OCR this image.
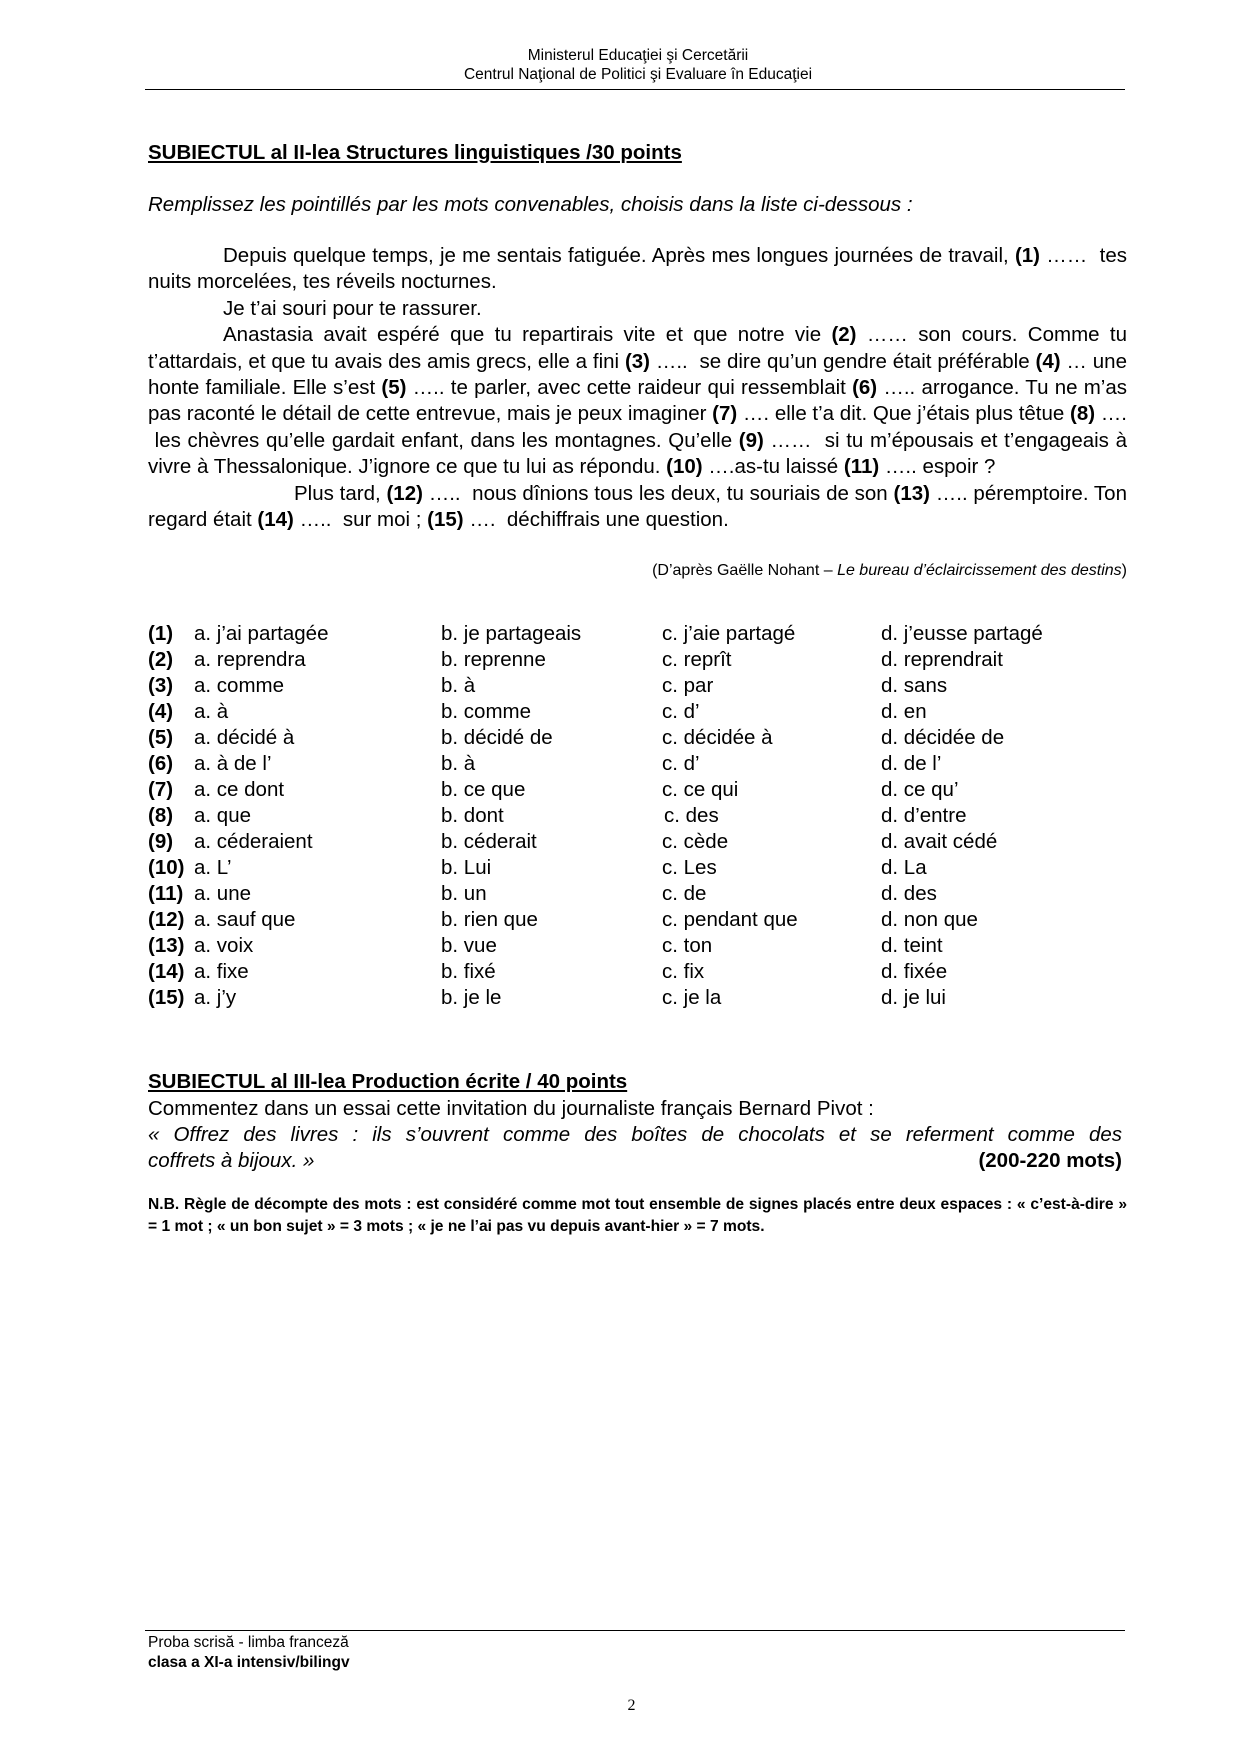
Ministerul Educaţiei şi Cercetării
Centrul Naţional de Politici şi Evaluare în Educaţiei
SUBIECTUL al II-lea Structures linguistiques /30 points
Remplissez les pointillés par les mots convenables, choisis dans la liste ci-dessous :

Depuis quelque temps, je me sentais fatiguée. Après mes longues journées de travail, (1) ……  tes nuits morcelées, tes réveils nocturnes.

Je t’ai souri pour te rassurer.

Anastasia avait espéré que tu repartirais vite et que notre vie (2) …… son cours. Comme tu t’attardais, et que tu avais des amis grecs, elle a fini (3) …..  se dire qu’un gendre était préférable (4) … une honte familiale. Elle s’est (5) ….. te parler, avec cette raideur qui ressemblait (6) ….. arrogance. Tu ne m’as pas raconté le détail de cette entrevue, mais je peux imaginer (7) …. elle t’a dit. Que j’étais plus têtue (8) ….  les chèvres qu’elle gardait enfant, dans les montagnes. Qu’elle (9) ……  si tu m’épousais et t’engageais à vivre à Thessalonique. J’ignore ce que tu lui as répondu. (10) ….as-tu laissé (11) ….. espoir ?

Plus tard, (12) …..  nous dînions tous les deux, tu souriais de son (13) ….. péremptoire. Ton regard était (14) …..  sur moi ; (15) ….  déchiffrais une question.

(D’après Gaëlle Nohant – Le bureau d’éclaircissement des destins)
(1) a. j’ai partagée	b. je partageais	c. j’aie partagé	d. j’eusse partagé
(2) a. reprendra	b. reprenne	c. reprît	d. reprendrait
(3) a. comme	b. à	c. par	d. sans
(4) a. à	b. comme	c. d’	d. en
(5) a. décidé à	b. décidé de	c. décidée à	d. décidée de
(6) a. à de l’	b. à	c. d’	d. de l’
(7) a. ce dont	b. ce que	c. ce qui	d. ce qu’
(8) a. que	b. dont	c. des	d. d’entre
(9) a. céderaient	b. céderait	c. cède	d. avait cédé
(10) a. L’	b. Lui	c. Les	d. La
(11) a. une	b. un	c. de	d. des
(12) a. sauf que	b. rien que	c. pendant que	d. non que
(13) a. voix	b. vue	c. ton	d. teint
(14) a. fixe	b. fixé	c. fix	d. fixée
(15) a. j’y	b. je le	c. je la	d. je lui
SUBIECTUL al III-lea Production écrite / 40 points

Commentez dans un essai cette invitation du journaliste français Bernard Pivot :

« Offrez des livres : ils s’ouvrent comme des boîtes de chocolats et se referment comme des

coffrets à bijoux. »	(200-220 mots)

N.B. Règle de décompte des mots : est considéré comme mot tout ensemble de signes placés entre deux espaces : « c’est-à-dire » = 1 mot ; « un bon sujet » = 3 mots ; « je ne l’ai pas vu depuis avant-hier » = 7 mots.
Proba scrisă - limba franceză
clasa a XI-a intensiv/bilingv
2
